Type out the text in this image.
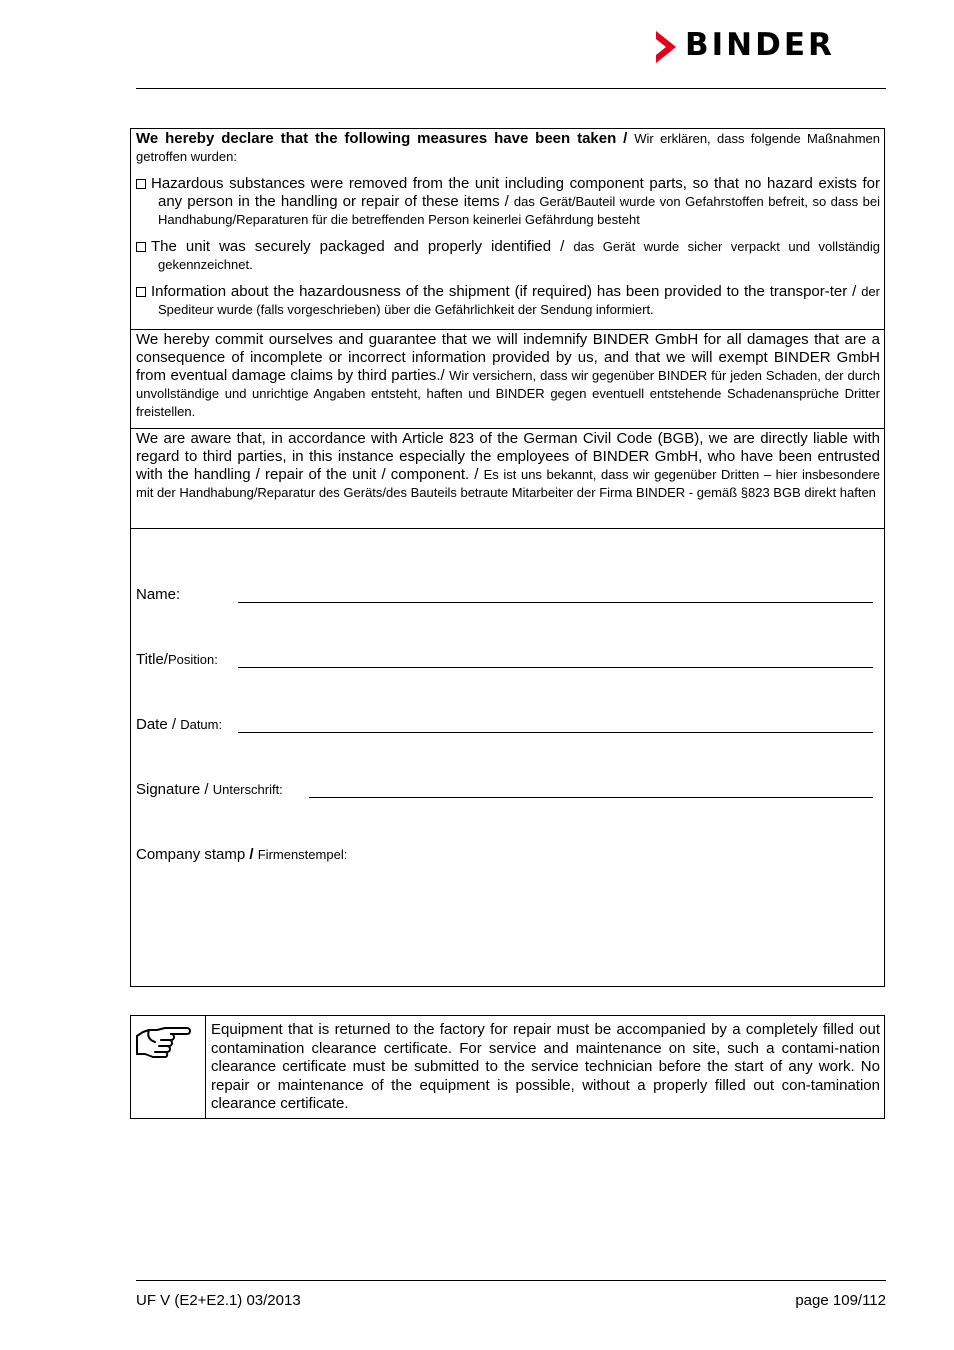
BINDER
We hereby declare that the following measures have been taken / Wir erklären, dass folgende Maßnahmen getroffen wurden:
Hazardous substances were removed from the unit including component parts, so that no hazard exists for any person in the handling or repair of these items / das Gerät/Bauteil wurde von Gefahrstoffen befreit, so dass bei Handhabung/Reparaturen für die betreffenden Person keinerlei Gefährdung besteht
The unit was securely packaged and properly identified / das Gerät wurde sicher verpackt und vollständig gekennzeichnet.
Information about the hazardousness of the shipment (if required) has been provided to the transpor-ter / der Spediteur wurde (falls vorgeschrieben) über die Gefährlichkeit der Sendung informiert.
We hereby commit ourselves and guarantee that we will indemnify BINDER GmbH for all damages that are a consequence of incomplete or incorrect information provided by us, and that we will exempt BINDER GmbH from eventual damage claims by third parties./ Wir versichern, dass wir gegenüber BINDER für jeden Schaden, der durch unvollständige und unrichtige Angaben entsteht, haften und BINDER gegen eventuell entstehende Schadenansprüche Dritter freistellen.
We are aware that, in accordance with Article 823 of the German Civil Code (BGB), we are directly liable with regard to third parties, in this instance especially the employees of BINDER GmbH, who have been entrusted with the handling / repair of the unit / component. / Es ist uns bekannt, dass wir gegenüber Dritten – hier insbesondere mit der Handhabung/Reparatur des Geräts/des Bauteils betraute Mitarbeiter der Firma BINDER - gemäß §823 BGB direkt haften
Name:
Title/Position:
Date / Datum:
Signature / Unterschrift:
Company stamp / Firmenstempel:
Equipment that is returned to the factory for repair must be accompanied by a completely filled out contamination clearance certificate. For service and maintenance on site, such a contami-nation clearance certificate must be submitted to the service technician before the start of any work. No repair or maintenance of the equipment is possible, without a properly filled out con-tamination clearance certificate.
UF V (E2+E2.1) 03/2013	page 109/112
